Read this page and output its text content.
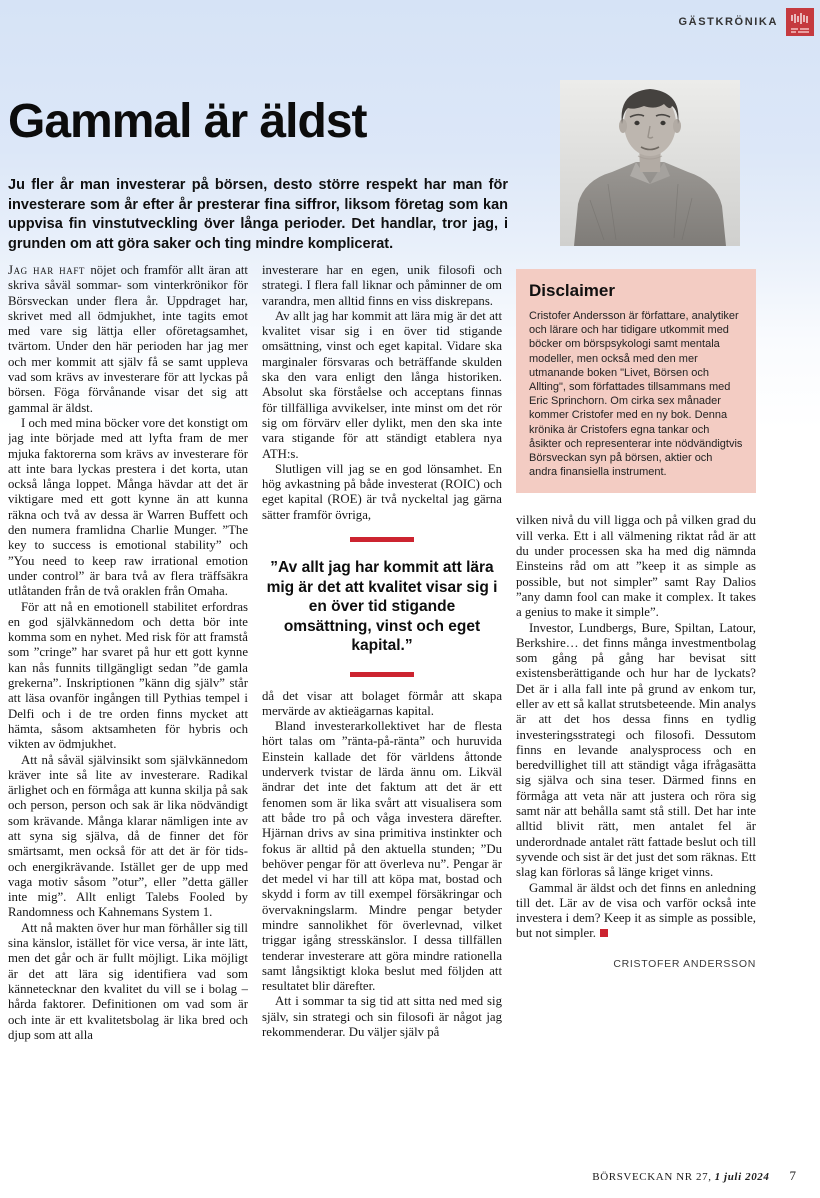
GÄSTKRÖNIKA
Gammal är äldst
Ju fler år man investerar på börsen, desto större respekt har man för investerare som år efter år presterar fina siffror, liksom företag som kan uppvisa fin vinstutveckling över långa perioder. Det handlar, tror jag, i grunden om att göra saker och ting mindre komplicerat.

Jag har haft nöjet och framför allt äran att skriva såväl sommar- som vinterkrönikor för Börsveckan under flera år. Uppdraget har, skrivet med all ödmjukhet, inte tagits emot med vare sig lättja eller oföretagsamhet, tvärtom. Under den här perioden har jag mer och mer kommit att själv få se samt uppleva vad som krävs av investerare för att lyckas på börsen. Föga förvånande visar det sig att gammal är äldst.

I och med mina böcker vore det konstigt om jag inte började med att lyfta fram de mer mjuka faktorerna som krävs av investerare för att inte bara lyckas prestera i det korta, utan också långa loppet. Många hävdar att det är viktigare med ett gott kynne än att kunna räkna och två av dessa är Warren Buffett och den numera framlidna Charlie Munger. ”The key to success is emotional stability” och ”You need to keep raw irrational emotion under control” är bara två av flera träffsäkra utlåtanden från de två oraklen från Omaha.

För att nå en emotionell stabilitet erfordras en god självkännedom och detta bör inte komma som en nyhet. Med risk för att framstå som ”cringe” har svaret på hur ett gott kynne kan nås funnits tillgängligt sedan ”de gamla grekerna”. Inskriptionen ”känn dig själv” står att läsa ovanför ingången till Pythias tempel i Delfi och i de tre orden finns mycket att hämta, såsom aktsamheten för hybris och vikten av ödmjukhet.

Att nå såväl självinsikt som självkännedom kräver inte så lite av investerare. Radikal ärlighet och en förmåga att kunna skilja på sak och person, person och sak är lika nödvändigt som krävande. Många klarar nämligen inte av att syna sig själva, då de finner det för smärtsamt, men också för att det är för tids- och energikrävande. Istället ger de upp med vaga motiv såsom ”otur”, eller ”detta gäller inte mig”. Allt enligt Talebs Fooled by Randomness och Kahnemans System 1.

Att nå makten över hur man förhåller sig till sina känslor, istället för vice versa, är inte lätt, men det går och är fullt möjligt. Lika möjligt är det att lära sig identifiera vad som kännetecknar den kvalitet du vill se i bolag – hårda faktorer. Definitionen om vad som är och inte är ett kvalitetsbolag är lika bred och djup som att alla

investerare har en egen, unik filosofi och strategi. I flera fall liknar och påminner de om varandra, men alltid finns en viss diskrepans.

Av allt jag har kommit att lära mig är det att kvalitet visar sig i en över tid stigande omsättning, vinst och eget kapital. Vidare ska marginaler försvaras och beträffande skulden ska den vara enligt den långa historiken. Absolut ska förståelse och acceptans finnas för tillfälliga avvikelser, inte minst om det rör sig om förvärv eller dylikt, men den ska inte vara stigande för att ständigt etablera nya ATH:s.

Slutligen vill jag se en god lönsamhet. En hög avkastning på både investerat (ROIC) och eget kapital (ROE) är två nyckeltal jag gärna sätter framför övriga,

”Av allt jag har kommit att lära mig är det att kvalitet visar sig i en över tid stigande omsättning, vinst och eget kapital.”

då det visar att bolaget förmår att skapa mervärde av aktieägarnas kapital.

Bland investerarkollektivet har de flesta hört talas om ”ränta-på-ränta” och huruvida Einstein kallade det för världens åttonde underverk tvistar de lärda ännu om. Likväl ändrar det inte det faktum att det är ett fenomen som är lika svårt att visualisera som att både tro på och våga investera därefter. Hjärnan drivs av sina primitiva instinkter och fokus är alltid på den aktuella stunden; ”Du behöver pengar för att överleva nu”. Pengar är det medel vi har till att köpa mat, bostad och skydd i form av till exempel försäkringar och övervakningslarm. Mindre pengar betyder mindre sannolikhet för överlevnad, vilket triggar igång stresskänslor. I dessa tillfällen tenderar investerare att göra mindre rationella samt långsiktigt kloka beslut med följden att resultatet blir därefter.

Att i sommar ta sig tid att sitta ned med sig själv, sin strategi och sin filosofi är något jag rekommenderar. Du väljer själv på

Disclaimer

Cristofer Andersson är författare, analytiker och lärare och har tidigare utkommit med böcker om börspsykologi samt mentala modeller, men också med den mer utmanande boken "Livet, Börsen och Allting", som författades tillsammans med Eric Sprinchorn. Om cirka sex månader kommer Cristofer med en ny bok. Denna krönika är Cristofers egna tankar och åsikter och representerar inte nödvändigtvis Börsveckan syn på börsen, aktier och andra finansiella instrument.

vilken nivå du vill ligga och på vilken grad du vill verka. Ett i all välmening riktat råd är att du under processen ska ha med dig nämnda Einsteins råd om att ”keep it as simple as possible, but not simpler” samt Ray Dalios ”any damn fool can make it complex. It takes a genius to make it simple”.

Investor, Lundbergs, Bure, Spiltan, Latour, Berkshire… det finns många investmentbolag som gång på gång har bevisat sitt existensberättigande och hur har de lyckats? Det är i alla fall inte på grund av enkom tur, eller av ett så kallat strutsbeteende. Min analys är att det hos dessa finns en tydlig investeringsstrategi och filosofi. Dessutom finns en levande analysprocess och en beredvillighet till att ständigt våga ifrågasätta sig själva och sina teser. Därmed finns en förmåga att veta när att justera och röra sig samt när att behålla samt stå still. Det har inte alltid blivit rätt, men antalet fel är underordnade antalet rätt fattade beslut och till syvende och sist är det just det som räknas. Ett slag kan förloras så länge kriget vinns.

Gammal är äldst och det finns en anledning till det. Lär av de visa och varför också inte investera i dem? Keep it as simple as possible, but not simpler.

CRISTOFER ANDERSSON
BÖRSVECKAN NR 27, 1 juli 2024 7
